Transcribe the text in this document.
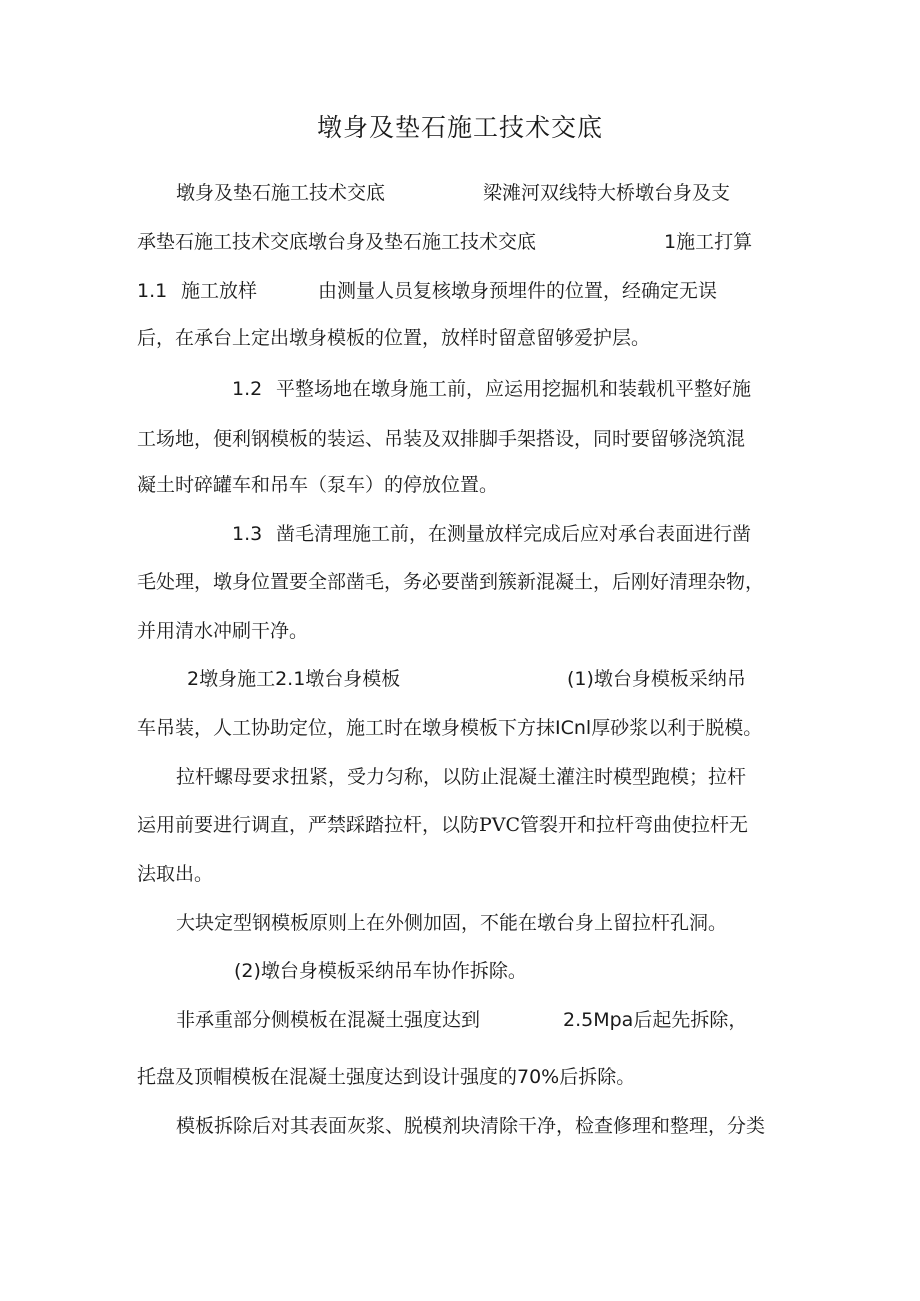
墩身及垫石施工技术交底
墩身及垫石施工技术交底	梁滩河双线特大桥墩台身及支
承垫石施工技术交底墩台身及垫石施工技术交底	1施工打算
1.1 施工放样	由测量人员复核墩身预埋件的位置，经确定无误
后，在承台上定出墩身模板的位置，放样时留意留够爱护层。
1.2 平整场地在墩身施工前，应运用挖掘机和装载机平整好施
工场地，便利钢模板的装运、吊装及双排脚手架搭设，同时要留够浇筑混
凝土时碎罐车和吊车（泵车）的停放位置。
1.3 凿毛清理施工前，在测量放样完成后应对承台表面进行凿
毛处理，墩身位置要全部凿毛，务必要凿到簇新混凝土，后刚好清理杂物，
并用清水冲刷干净。
2墩身施工2.1墩台身模板	(1)墩台身模板采纳吊
车吊装，人工协助定位，施工时在墩身模板下方抹ICnl厚砂浆以利于脱模。
拉杆螺母要求扭紧，受力匀称，以防止混凝土灌注时模型跑模；拉杆
运用前要进行调直，严禁踩踏拉杆，以防PVC管裂开和拉杆弯曲使拉杆无
法取出。
大块定型钢模板原则上在外侧加固，不能在墩台身上留拉杆孔洞。
(2)墩台身模板采纳吊车协作拆除。
非承重部分侧模板在混凝土强度达到	2.5Mpa后起先拆除，
托盘及顶帽模板在混凝土强度达到设计强度的70%后拆除。
模板拆除后对其表面灰浆、脱模剂块清除干净，检查修理和整理，分类
